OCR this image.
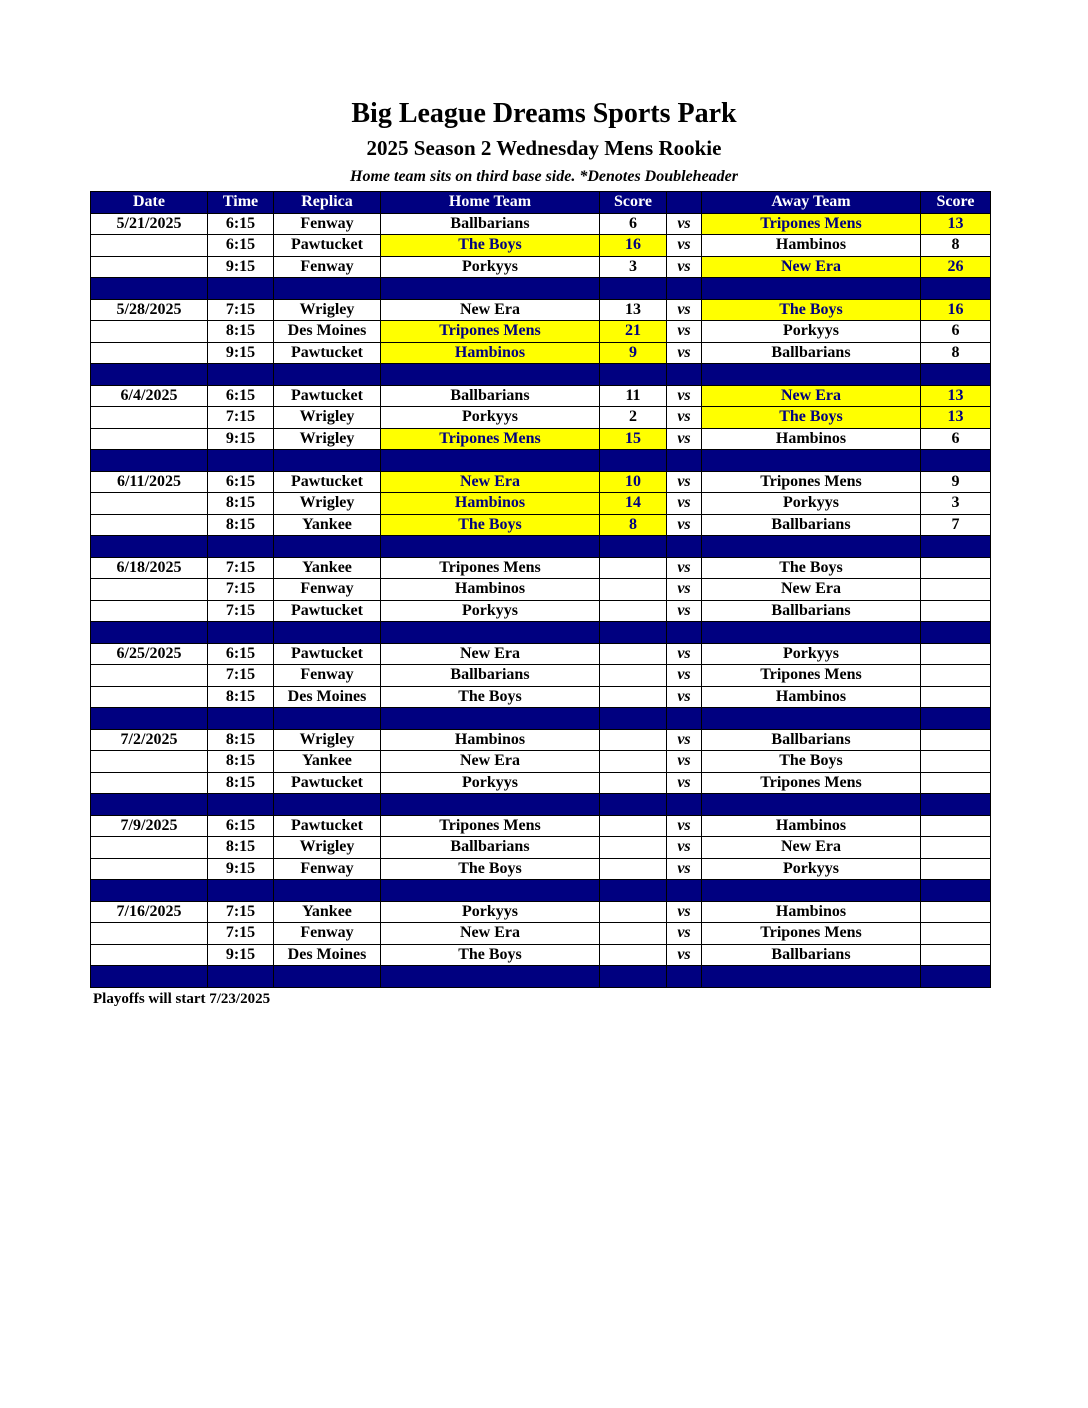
Big League Dreams Sports Park
2025 Season 2 Wednesday Mens Rookie
Home team sits on third base side. *Denotes Doubleheader
Date	Time	Replica	Home Team	Score		Away Team	Score
5/21/2025	6:15	Fenway	Ballbarians	6	vs	Tripones Mens	13
	6:15	Pawtucket	The Boys	16	vs	Hambinos	8
	9:15	Fenway	Porkyys	3	vs	New Era	26

5/28/2025	7:15	Wrigley	New Era	13	vs	The Boys	16
	8:15	Des Moines	Tripones Mens	21	vs	Porkyys	6
	9:15	Pawtucket	Hambinos	9	vs	Ballbarians	8

6/4/2025	6:15	Pawtucket	Ballbarians	11	vs	New Era	13
	7:15	Wrigley	Porkyys	2	vs	The Boys	13
	9:15	Wrigley	Tripones Mens	15	vs	Hambinos	6

6/11/2025	6:15	Pawtucket	New Era	10	vs	Tripones Mens	9
	8:15	Wrigley	Hambinos	14	vs	Porkyys	3
	8:15	Yankee	The Boys	8	vs	Ballbarians	7

6/18/2025	7:15	Yankee	Tripones Mens		vs	The Boys	
	7:15	Fenway	Hambinos		vs	New Era	
	7:15	Pawtucket	Porkyys		vs	Ballbarians	

6/25/2025	6:15	Pawtucket	New Era		vs	Porkyys	
	7:15	Fenway	Ballbarians		vs	Tripones Mens	
	8:15	Des Moines	The Boys		vs	Hambinos	

7/2/2025	8:15	Wrigley	Hambinos		vs	Ballbarians	
	8:15	Yankee	New Era		vs	The Boys	
	8:15	Pawtucket	Porkyys		vs	Tripones Mens	

7/9/2025	6:15	Pawtucket	Tripones Mens		vs	Hambinos	
	8:15	Wrigley	Ballbarians		vs	New Era	
	9:15	Fenway	The Boys		vs	Porkyys	

7/16/2025	7:15	Yankee	Porkyys		vs	Hambinos	
	7:15	Fenway	New Era		vs	Tripones Mens	
	9:15	Des Moines	The Boys		vs	Ballbarians	

Playoffs will start 7/23/2025
